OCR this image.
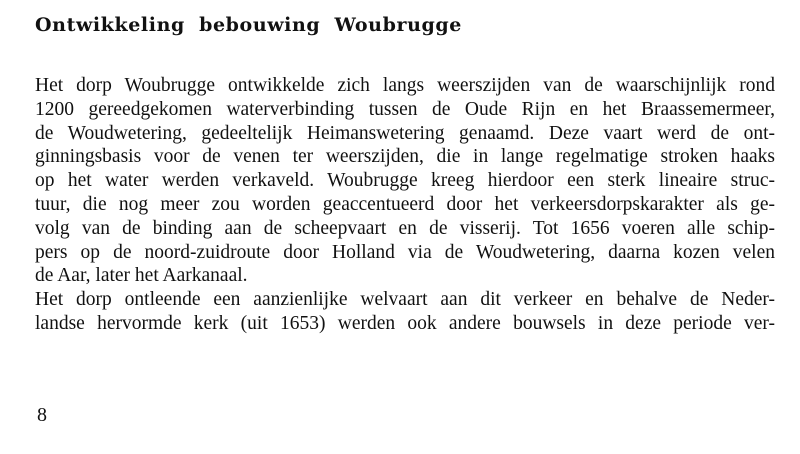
Ontwikkeling bebouwing Woubrugge
Het dorp Woubrugge ontwikkelde zich langs weerszijden van de waarschijnlijk rond
1200 gereedgekomen waterverbinding tussen de Oude Rijn en het Braassemermeer,
de Woudwetering, gedeeltelijk Heimanswetering genaamd. Deze vaart werd de ont-
ginningsbasis voor de venen ter weerszijden, die in lange regelmatige stroken haaks
op het water werden verkaveld. Woubrugge kreeg hierdoor een sterk lineaire struc-
tuur, die nog meer zou worden geaccentueerd door het verkeersdorpskarakter als ge-
volg van de binding aan de scheepvaart en de visserij. Tot 1656 voeren alle schip-
pers op de noord-zuidroute door Holland via de Woudwetering, daarna kozen velen
de Aar, later het Aarkanaal.
Het dorp ontleende een aanzienlijke welvaart aan dit verkeer en behalve de Neder-
landse hervormde kerk (uit 1653) werden ook andere bouwsels in deze periode ver-
8
